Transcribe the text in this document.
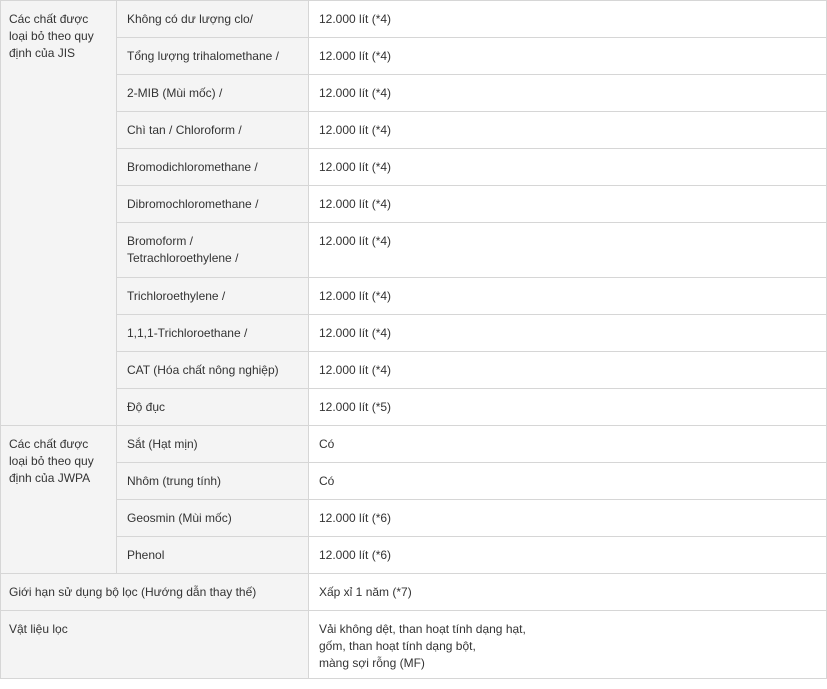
Các chất được
loại bỏ theo quy
định của JIS	Không có dư lượng clo/	12.000 lít (*4)
	Tổng lượng trihalomethane /	12.000 lít (*4)
	2-MIB (Mùi mốc) /	12.000 lít (*4)
	Chì tan / Chloroform /	12.000 lít (*4)
	Bromodichloromethane /	12.000 lít (*4)
	Dibromochloromethane /	12.000 lít (*4)
	Bromoform /
Tetrachloroethylene /	12.000 lít (*4)
	Trichloroethylene /	12.000 lít (*4)
	1,1,1-Trichloroethane /	12.000 lít (*4)
	CAT (Hóa chất nông nghiệp)	12.000 lít (*4)
	Độ đục	12.000 lít (*5)
Các chất được
loại bỏ theo quy
định của JWPA	Sắt (Hạt mịn)	Có
	Nhôm (trung tính)	Có
	Geosmin (Mùi mốc)	12.000 lít (*6)
	Phenol	12.000 lít (*6)
Giới hạn sử dụng bộ lọc (Hướng dẫn thay thế)		Xấp xỉ 1 năm (*7)
Vật liệu lọc		Vải không dệt, than hoạt tính dạng hạt,
gốm, than hoạt tính dạng bột,
màng sợi rỗng (MF)
